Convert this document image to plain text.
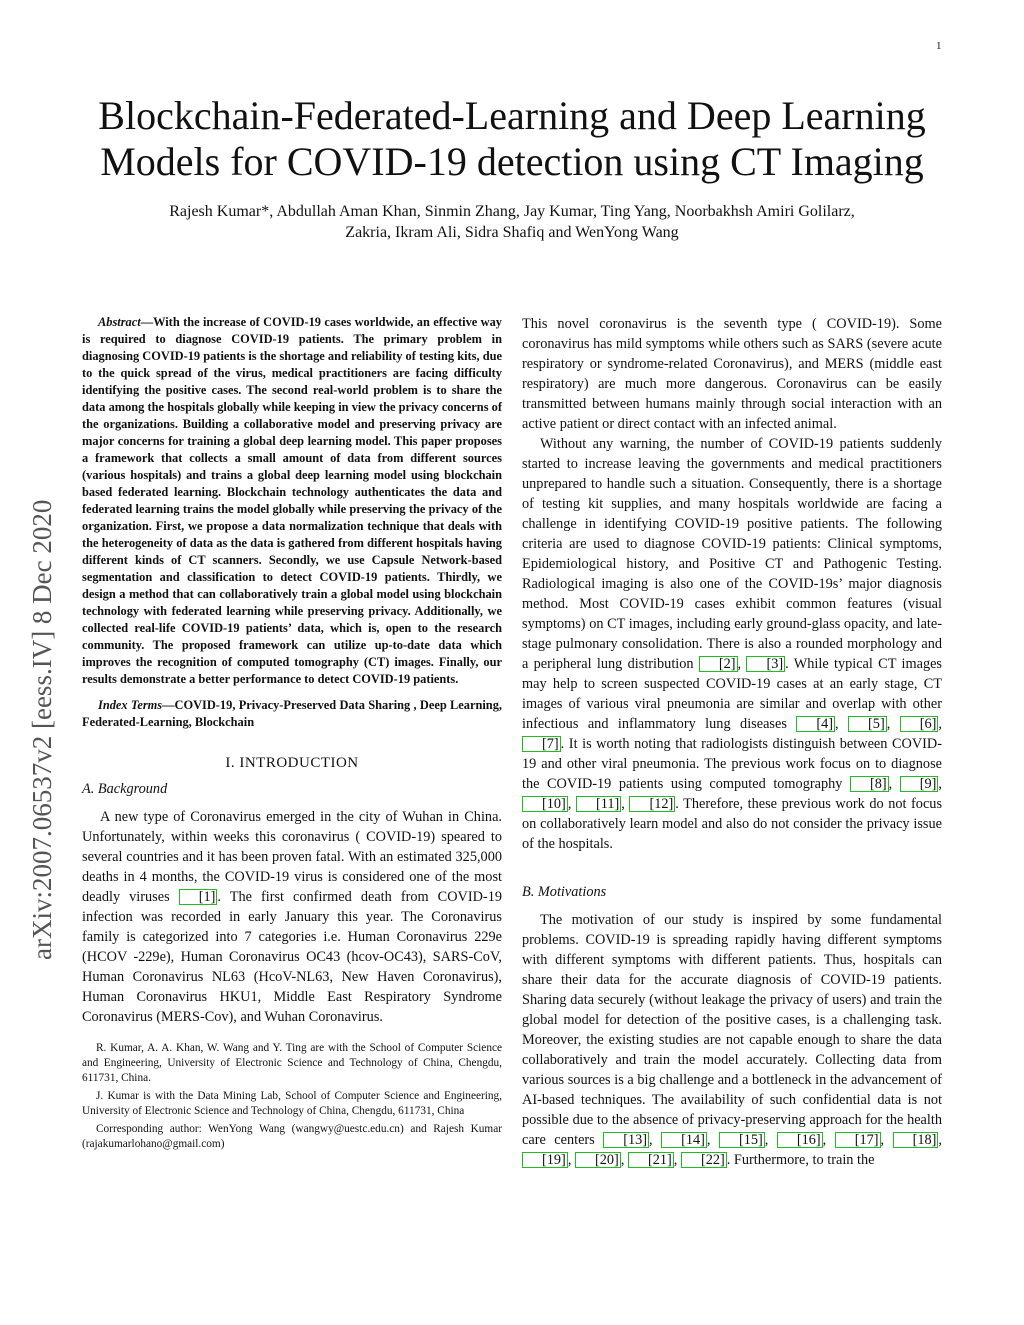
1
Blockchain-Federated-Learning and Deep Learning Models for COVID-19 detection using CT Imaging
Rajesh Kumar*, Abdullah Aman Khan, Sinmin Zhang, Jay Kumar, Ting Yang, Noorbakhsh Amiri Golilarz,
Zakria, Ikram Ali, Sidra Shafiq and WenYong Wang
arXiv:2007.06537v2 [eess.IV] 8 Dec 2020

Abstract—With the increase of COVID-19 cases worldwide, an effective way is required to diagnose COVID-19 patients. The primary problem in diagnosing COVID-19 patients is the shortage and reliability of testing kits, due to the quick spread of the virus, medical practitioners are facing difficulty identifying the positive cases. The second real-world problem is to share the data among the hospitals globally while keeping in view the privacy concerns of the organizations. Building a collaborative model and preserving privacy are major concerns for training a global deep learning model. This paper proposes a framework that collects a small amount of data from different sources (various hospitals) and trains a global deep learning model using blockchain based federated learning. Blockchain technology authenticates the data and federated learning trains the model globally while preserving the privacy of the organization. First, we propose a data normalization technique that deals with the heterogeneity of data as the data is gathered from different hospitals having different kinds of CT scanners. Secondly, we use Capsule Network-based segmentation and classification to detect COVID-19 patients. Thirdly, we design a method that can collaboratively train a global model using blockchain technology with federated learning while preserving privacy. Additionally, we collected real-life COVID-19 patients’ data, which is, open to the research community. The proposed framework can utilize up-to-date data which improves the recognition of computed tomography (CT) images. Finally, our results demonstrate a better performance to detect COVID-19 patients.

Index Terms—COVID-19, Privacy-Preserved Data Sharing , Deep Learning, Federated-Learning, Blockchain

I. INTRODUCTION
A. Background

A new type of Coronavirus emerged in the city of Wuhan in China. Unfortunately, within weeks this coronavirus ( COVID-19) speared to several countries and it has been proven fatal. With an estimated 325,000 deaths in 4 months, the COVID-19 virus is considered one of the most deadly viruses [1] . The first confirmed death from COVID-19 infection was recorded in early January this year. The Coronavirus family is categorized into 7 categories i.e. Human Coronavirus 229e (HCOV -229e), Human Coronavirus OC43 (hcov-OC43), SARS-CoV, Human Coronavirus NL63 (HcoV-NL63, New Haven Coronavirus), Human Coronavirus HKU1, Middle East Respiratory Syndrome Coronavirus (MERS-Cov), and Wuhan Coronavirus.

R. Kumar, A. A. Khan, W. Wang and Y. Ting are with the School of Computer Science and Engineering, University of Electronic Science and Technology of China, Chengdu, 611731, China.

J. Kumar is with the Data Mining Lab, School of Computer Science and Engineering, University of Electronic Science and Technology of China, Chengdu, 611731, China

Corresponding author: WenYong Wang (wangwy@uestc.edu.cn) and Rajesh Kumar (rajakumarlohano@gmail.com)

This novel coronavirus is the seventh type ( COVID-19). Some coronavirus has mild symptoms while others such as SARS (severe acute respiratory or syndrome-related Coronavirus), and MERS (middle east respiratory) are much more dangerous. Coronavirus can be easily transmitted between humans mainly through social interaction with an active patient or direct contact with an infected animal.

Without any warning, the number of COVID-19 patients suddenly started to increase leaving the governments and medical practitioners unprepared to handle such a situation. Consequently, there is a shortage of testing kit supplies, and many hospitals worldwide are facing a challenge in identifying COVID-19 positive patients. The following criteria are used to diagnose COVID-19 patients: Clinical symptoms, Epidemiological history, and Positive CT and Pathogenic Testing. Radiological imaging is also one of the COVID-19s’ major diagnosis method. Most COVID-19 cases exhibit common features (visual symptoms) on CT images, including early ground-glass opacity, and late-stage pulmonary consolidation. There is also a rounded morphology and a peripheral lung distribution [2] , [3] . While typical CT images may help to screen suspected COVID-19 cases at an early stage, CT images of various viral pneumonia are similar and overlap with other infectious and inflammatory lung diseases [4] , [5] , [6] , [7] . It is worth noting that radiologists distinguish between COVID-19 and other viral pneumonia. The previous work focus on to diagnose the COVID-19 patients using computed tomography [8] , [9] , [10] , [11] , [12] . Therefore, these previous work do not focus on collaboratively learn model and also do not consider the privacy issue of the hospitals.

B. Motivations

The motivation of our study is inspired by some fundamental problems. COVID-19 is spreading rapidly having different symptoms with different symptoms with different patients. Thus, hospitals can share their data for the accurate diagnosis of COVID-19 patients. Sharing data securely (without leakage the privacy of users) and train the global model for detection of the positive cases, is a challenging task. Moreover, the existing studies are not capable enough to share the data collaboratively and train the model accurately. Collecting data from various sources is a big challenge and a bottleneck in the advancement of AI-based techniques. The availability of such confidential data is not possible due to the absence of privacy-preserving approach for the health care centers [13] , [14] , [15] , [16] , [17] , [18] , [19] , [20] , [21] , [22] . Furthermore, to train the
